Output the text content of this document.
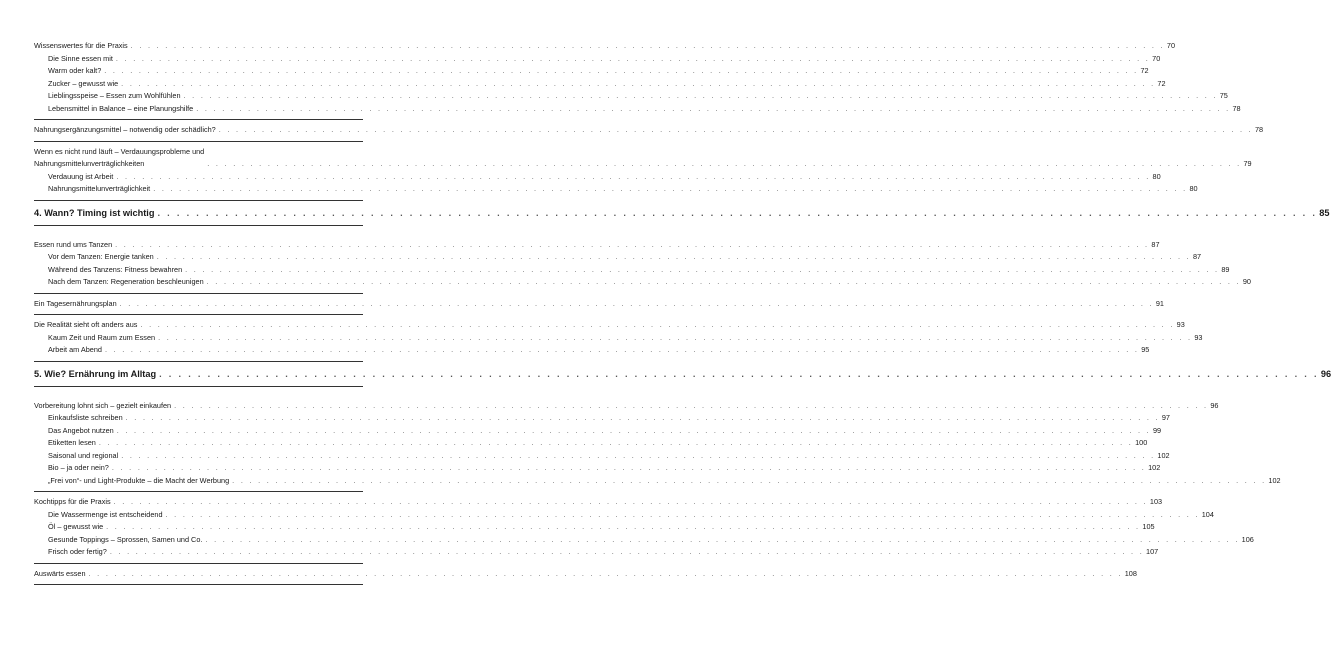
Wissenswertes für die Praxis . . . . . . . . . . . . . . . . . . . . . . . . . . . . . . . . . . . . . . . . . . . . . . . . . . . . . . . . . . . . . . . . . . . . . . . . . . . . . . . . . . . . . . . . . . . . . . . . . . . . . . . . . . . . . . . . . . . . . . . . 70
Die Sinne essen mit . . . . . . . . . . . . . . . . . . . . . . . . . . . . . . . . . . . . . . . . . . . . . . . . . . . . . . . . . . . . . . . . . . . . . . . . . . . . . . . . . . . . . . . . . . . . . . . . . . . . . . . . . . . . . . . . . . . . . . . . 70
Warm oder kalt? . . . . . . . . . . . . . . . . . . . . . . . . . . . . . . . . . . . . . . . . . . . . . . . . . . . . . . . . . . . . . . . . . . . . . . . . . . . . . . . . . . . . . . . . . . . . . . . . . . . . . . . . . . . . . . . . . . . . . . . . 72
Zucker – gewusst wie . . . . . . . . . . . . . . . . . . . . . . . . . . . . . . . . . . . . . . . . . . . . . . . . . . . . . . . . . . . . . . . . . . . . . . . . . . . . . . . . . . . . . . . . . . . . . . . . . . . . . . . . . . . . . . . . . . . . . . . . 72
Lieblingsspeise – Essen zum Wohlfühlen . . . . . . . . . . . . . . . . . . . . . . . . . . . . . . . . . . . . . . . . . . . . . . . . . . . . . . . . . . . . . . . . . . . . . . . . . . . . . . . . . . . . . . . . . . . . . . . . . . . . . . . . . . . . . . . . . . . . . . . . 75
Lebensmittel in Balance – eine Planungshilfe . . . . . . . . . . . . . . . . . . . . . . . . . . . . . . . . . . . . . . . . . . . . . . . . . . . . . . . . . . . . . . . . . . . . . . . . . . . . . . . . . . . . . . . . . . . . . . . . . . . . . . . . . . . . . . . . . . . . . . . . 78
Nahrungsergänzungsmittel – notwendig oder schädlich? . . . . . . . . . . . . . . . . . . . . . . . . . . . . . . . . . . . . . . . . . . . . . . . . . . . . . . . . . . . . . . . . . . . . . . . . . . . . . . . . . . . . . . . . . . . . . . . . . . . . . . . . . . . . . . . . . . . . . . . . 78
Wenn es nicht rund läuft – Verdauungsprobleme und
Nahrungsmittelunverträglichkeiten	. . . . . . . . . . . . . . . . . . . . . . . . . . . . . . . . . . . . . . . . . . . . . . . . . . . . . . . . . . . . . . . . . . . . . . . . . . . . . . . . . . . . . . . . . . . . . . . . . . . . . . . . . . . . . . . . . . . . . . . . 79
Verdauung ist Arbeit . . . . . . . . . . . . . . . . . . . . . . . . . . . . . . . . . . . . . . . . . . . . . . . . . . . . . . . . . . . . . . . . . . . . . . . . . . . . . . . . . . . . . . . . . . . . . . . . . . . . . . . . . . . . . . . . . . . . . . . . 80
Nahrungsmittelunverträglichkeit . . . . . . . . . . . . . . . . . . . . . . . . . . . . . . . . . . . . . . . . . . . . . . . . . . . . . . . . . . . . . . . . . . . . . . . . . . . . . . . . . . . . . . . . . . . . . . . . . . . . . . . . . . . . . . . . . . . . . . . . 80
4. Wann? Timing ist wichtig . . . . . . . . . . . . . . . . . . . . . . . . . . . . . . . . . . . . . . . . . . . . . . . . . . . . . . . . . . . . . . . . . . . . . . . . . . . . . . . . . . . . . . . . . . . . . . . . . . . . . . . . . . . . . . . . . . . . . . . . 85
Essen rund ums Tanzen . . . . . . . . . . . . . . . . . . . . . . . . . . . . . . . . . . . . . . . . . . . . . . . . . . . . . . . . . . . . . . . . . . . . . . . . . . . . . . . . . . . . . . . . . . . . . . . . . . . . . . . . . . . . . . . . . . . . . . . . 87
Vor dem Tanzen: Energie tanken . . . . . . . . . . . . . . . . . . . . . . . . . . . . . . . . . . . . . . . . . . . . . . . . . . . . . . . . . . . . . . . . . . . . . . . . . . . . . . . . . . . . . . . . . . . . . . . . . . . . . . . . . . . . . . . . . . . . . . . . 87
Während des Tanzens: Fitness bewahren . . . . . . . . . . . . . . . . . . . . . . . . . . . . . . . . . . . . . . . . . . . . . . . . . . . . . . . . . . . . . . . . . . . . . . . . . . . . . . . . . . . . . . . . . . . . . . . . . . . . . . . . . . . . . . . . . . . . . . . . 89
Nach dem Tanzen: Regeneration beschleunigen . . . . . . . . . . . . . . . . . . . . . . . . . . . . . . . . . . . . . . . . . . . . . . . . . . . . . . . . . . . . . . . . . . . . . . . . . . . . . . . . . . . . . . . . . . . . . . . . . . . . . . . . . . . . . . . . . . . . . . . . 90
Ein Tagesernährungsplan . . . . . . . . . . . . . . . . . . . . . . . . . . . . . . . . . . . . . . . . . . . . . . . . . . . . . . . . . . . . . . . . . . . . . . . . . . . . . . . . . . . . . . . . . . . . . . . . . . . . . . . . . . . . . . . . . . . . . . . . 91
Die Realität sieht oft anders aus . . . . . . . . . . . . . . . . . . . . . . . . . . . . . . . . . . . . . . . . . . . . . . . . . . . . . . . . . . . . . . . . . . . . . . . . . . . . . . . . . . . . . . . . . . . . . . . . . . . . . . . . . . . . . . . . . . . . . . . . 93
Kaum Zeit und Raum zum Essen . . . . . . . . . . . . . . . . . . . . . . . . . . . . . . . . . . . . . . . . . . . . . . . . . . . . . . . . . . . . . . . . . . . . . . . . . . . . . . . . . . . . . . . . . . . . . . . . . . . . . . . . . . . . . . . . . . . . . . . . 93
Arbeit am Abend . . . . . . . . . . . . . . . . . . . . . . . . . . . . . . . . . . . . . . . . . . . . . . . . . . . . . . . . . . . . . . . . . . . . . . . . . . . . . . . . . . . . . . . . . . . . . . . . . . . . . . . . . . . . . . . . . . . . . . . . 95
5. Wie? Ernährung im Alltag . . . . . . . . . . . . . . . . . . . . . . . . . . . . . . . . . . . . . . . . . . . . . . . . . . . . . . . . . . . . . . . . . . . . . . . . . . . . . . . . . . . . . . . . . . . . . . . . . . . . . . . . . . . . . . . . . . . . . . . . 96
Vorbereitung lohnt sich – gezielt einkaufen . . . . . . . . . . . . . . . . . . . . . . . . . . . . . . . . . . . . . . . . . . . . . . . . . . . . . . . . . . . . . . . . . . . . . . . . . . . . . . . . . . . . . . . . . . . . . . . . . . . . . . . . . . . . . . . . . . . . . . . . 96
Einkaufsliste schreiben . . . . . . . . . . . . . . . . . . . . . . . . . . . . . . . . . . . . . . . . . . . . . . . . . . . . . . . . . . . . . . . . . . . . . . . . . . . . . . . . . . . . . . . . . . . . . . . . . . . . . . . . . . . . . . . . . . . . . . . . 97
Das Angebot nutzen . . . . . . . . . . . . . . . . . . . . . . . . . . . . . . . . . . . . . . . . . . . . . . . . . . . . . . . . . . . . . . . . . . . . . . . . . . . . . . . . . . . . . . . . . . . . . . . . . . . . . . . . . . . . . . . . . . . . . . . . 99
Etiketten lesen . . . . . . . . . . . . . . . . . . . . . . . . . . . . . . . . . . . . . . . . . . . . . . . . . . . . . . . . . . . . . . . . . . . . . . . . . . . . . . . . . . . . . . . . . . . . . . . . . . . . . . . . . . . . . . . . . . . . . . . . 100
Saisonal und regional . . . . . . . . . . . . . . . . . . . . . . . . . . . . . . . . . . . . . . . . . . . . . . . . . . . . . . . . . . . . . . . . . . . . . . . . . . . . . . . . . . . . . . . . . . . . . . . . . . . . . . . . . . . . . . . . . . . . . . . . 102
Bio – ja oder nein? . . . . . . . . . . . . . . . . . . . . . . . . . . . . . . . . . . . . . . . . . . . . . . . . . . . . . . . . . . . . . . . . . . . . . . . . . . . . . . . . . . . . . . . . . . . . . . . . . . . . . . . . . . . . . . . . . . . . . . . . 102
„Frei von“- und Light-Produkte – die Macht der Werbung . . . . . . . . . . . . . . . . . . . . . . . . . . . . . . . . . . . . . . . . . . . . . . . . . . . . . . . . . . . . . . . . . . . . . . . . . . . . . . . . . . . . . . . . . . . . . . . . . . . . . . . . . . . . . . . . . . . . . . . . 102
Kochtipps für die Praxis . . . . . . . . . . . . . . . . . . . . . . . . . . . . . . . . . . . . . . . . . . . . . . . . . . . . . . . . . . . . . . . . . . . . . . . . . . . . . . . . . . . . . . . . . . . . . . . . . . . . . . . . . . . . . . . . . . . . . . . . 103
Die Wassermenge ist entscheidend . . . . . . . . . . . . . . . . . . . . . . . . . . . . . . . . . . . . . . . . . . . . . . . . . . . . . . . . . . . . . . . . . . . . . . . . . . . . . . . . . . . . . . . . . . . . . . . . . . . . . . . . . . . . . . . . . . . . . . . . 104
Öl – gewusst wie . . . . . . . . . . . . . . . . . . . . . . . . . . . . . . . . . . . . . . . . . . . . . . . . . . . . . . . . . . . . . . . . . . . . . . . . . . . . . . . . . . . . . . . . . . . . . . . . . . . . . . . . . . . . . . . . . . . . . . . . 105
Gesunde Toppings – Sprossen, Samen und Co. . . . . . . . . . . . . . . . . . . . . . . . . . . . . . . . . . . . . . . . . . . . . . . . . . . . . . . . . . . . . . . . . . . . . . . . . . . . . . . . . . . . . . . . . . . . . . . . . . . . . . . . . . . . . . . . . . . . . . . . . 106
Frisch oder fertig? . . . . . . . . . . . . . . . . . . . . . . . . . . . . . . . . . . . . . . . . . . . . . . . . . . . . . . . . . . . . . . . . . . . . . . . . . . . . . . . . . . . . . . . . . . . . . . . . . . . . . . . . . . . . . . . . . . . . . . . . 107
Auswärts essen . . . . . . . . . . . . . . . . . . . . . . . . . . . . . . . . . . . . . . . . . . . . . . . . . . . . . . . . . . . . . . . . . . . . . . . . . . . . . . . . . . . . . . . . . . . . . . . . . . . . . . . . . . . . . . . . . . . . . . . . 108
